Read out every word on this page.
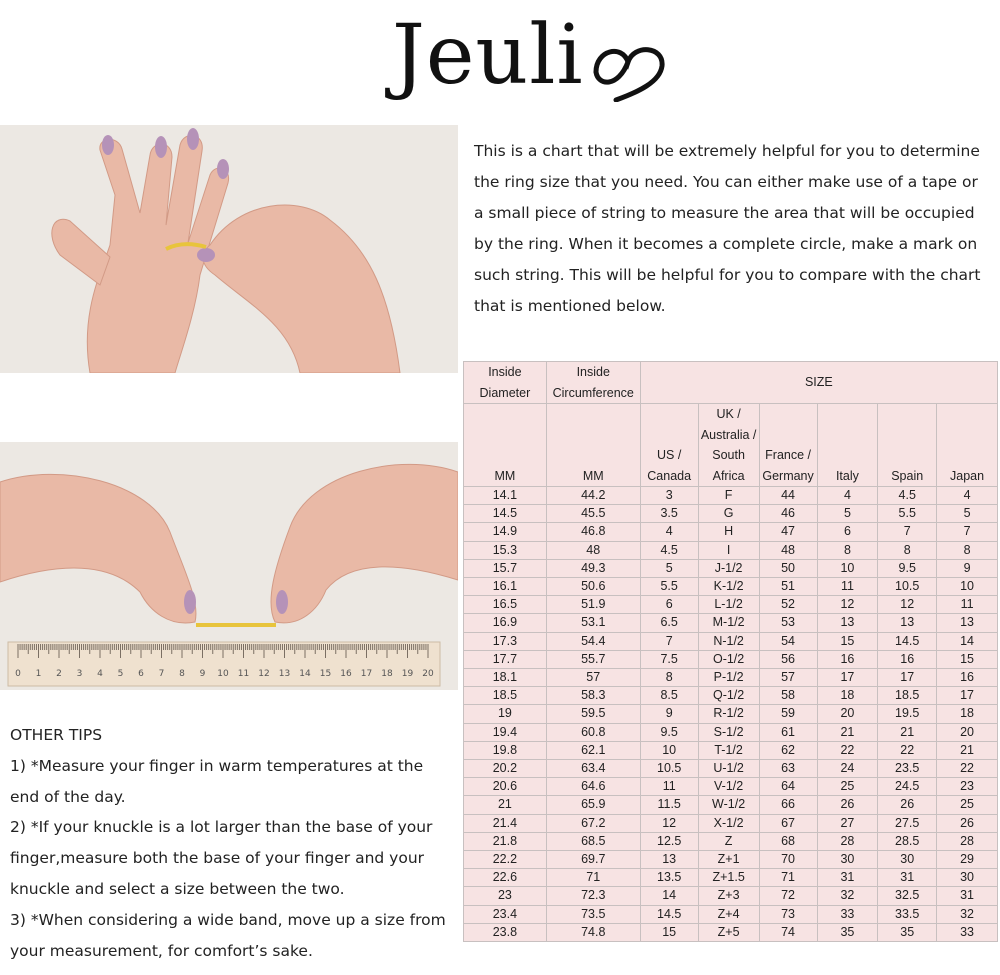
Jeuli
0 1 2 3 4 5 6 7 8 9 10 11 12 13 14 15 16 17 18 19 20
This is a chart that will be extremely helpful for you to determine the ring size that you need. You can either make use of a tape or a small piece of string to measure the area that will be occupied by the ring. When it becomes a complete circle, make a mark on such string. This will be helpful for you to compare with the chart that is mentioned below.

OTHER TIPS

1) *Measure your finger in warm temperatures at the end of the day.

2) *If your knuckle is a lot larger than the base of your finger,measure both the base of your finger and your knuckle and select a size between the two.

3) *When considering a wide band, move up a size from your measurement, for comfort’s sake.

Inside Diameter	Inside Circumference	SIZE					
MM	MM	US / Canada	UK / Australia / South Africa	France / Germany	Italy	Spain	Japan
14.1	44.2	3	F	44	4	4.5	4
14.5	45.5	3.5	G	46	5	5.5	5
14.9	46.8	4	H	47	6	7	7
15.3	48	4.5	I	48	8	8	8
15.7	49.3	5	J-1/2	50	10	9.5	9
16.1	50.6	5.5	K-1/2	51	11	10.5	10
16.5	51.9	6	L-1/2	52	12	12	11
16.9	53.1	6.5	M-1/2	53	13	13	13
17.3	54.4	7	N-1/2	54	15	14.5	14
17.7	55.7	7.5	O-1/2	56	16	16	15
18.1	57	8	P-1/2	57	17	17	16
18.5	58.3	8.5	Q-1/2	58	18	18.5	17
19	59.5	9	R-1/2	59	20	19.5	18
19.4	60.8	9.5	S-1/2	61	21	21	20
19.8	62.1	10	T-1/2	62	22	22	21
20.2	63.4	10.5	U-1/2	63	24	23.5	22
20.6	64.6	11	V-1/2	64	25	24.5	23
21	65.9	11.5	W-1/2	66	26	26	25
21.4	67.2	12	X-1/2	67	27	27.5	26
21.8	68.5	12.5	Z	68	28	28.5	28
22.2	69.7	13	Z+1	70	30	30	29
22.6	71	13.5	Z+1.5	71	31	31	30
23	72.3	14	Z+3	72	32	32.5	31
23.4	73.5	14.5	Z+4	73	33	33.5	32
23.8	74.8	15	Z+5	74	35	35	33
